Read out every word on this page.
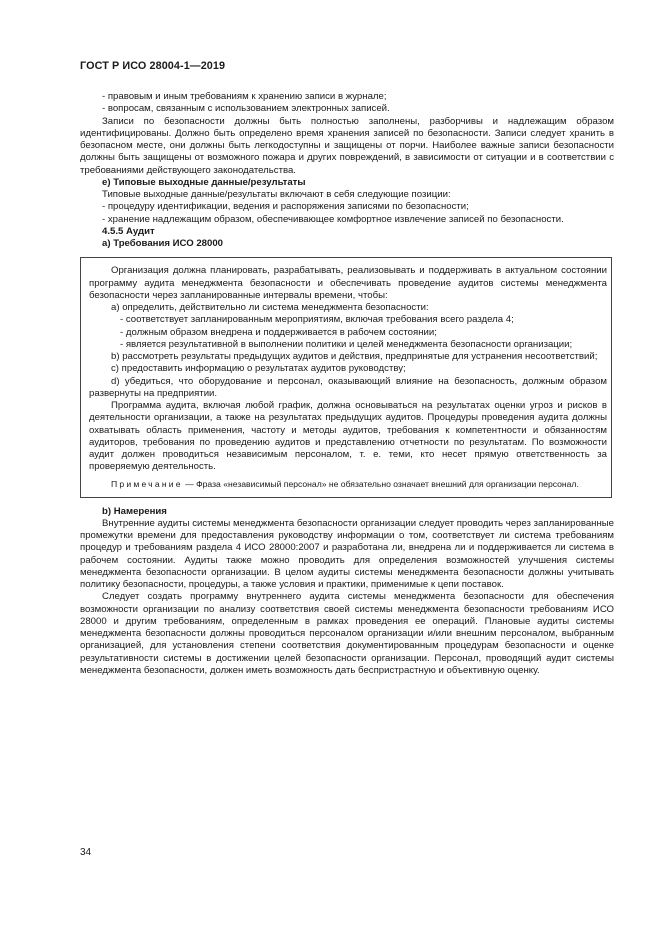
ГОСТ Р ИСО 28004-1—2019

- правовым и иным требованиям к хранению записи в журнале;

- вопросам, связанным с использованием электронных записей.

Записи по безопасности должны быть полностью заполнены, разборчивы и надлежащим образом идентифицированы. Должно быть определено время хранения записей по безопасности. Записи следует хранить в безопасном месте, они должны быть легкодоступны и защищены от порчи. Наиболее важные записи безопасности должны быть защищены от возможного пожара и других повреждений, в зависимости от ситуации и в соответствии с требованиями действующего законодательства.

e) Типовые выходные данные/результаты

Типовые выходные данные/результаты включают в себя следующие позиции:

- процедуру идентификации, ведения и распоряжения записями по безопасности;

- хранение надлежащим образом, обеспечивающее комфортное извлечение записей по безопасности.

4.5.5 Аудит

a) Требования ИСО 28000

Организация должна планировать, разрабатывать, реализовывать и поддерживать в актуальном состоянии программу аудита менеджмента безопасности и обеспечивать проведение аудитов системы менеджмента безопасности через запланированные интервалы времени, чтобы:

a) определить, действительно ли система менеджмента безопасности:

- соответствует запланированным мероприятиям, включая требования всего раздела 4;

- должным образом внедрена и поддерживается в рабочем состоянии;

- является результативной в выполнении политики и целей менеджмента безопасности организации;

b) рассмотреть результаты предыдущих аудитов и действия, предпринятые для устранения несоответствий;

c) предоставить информацию о результатах аудитов руководству;

d) убедиться, что оборудование и персонал, оказывающий влияние на безопасность, должным образом развернуты на предприятии.

Программа аудита, включая любой график, должна основываться на результатах оценки угроз и рисков в деятельности организации, а также на результатах предыдущих аудитов. Процедуры проведения аудита должны охватывать область применения, частоту и методы аудитов, требования к компетентности и обязанностям аудиторов, требования по проведению аудитов и представлению отчетности по результатам. По возможности аудит должен проводиться независимым персоналом, т. е. теми, кто несет прямую ответственность за проверяемую деятельность.

Примечание — Фраза «независимый персонал» не обязательно означает внешний для организации персонал.

b) Намерения

Внутренние аудиты системы менеджмента безопасности организации следует проводить через запланированные промежутки времени для предоставления руководству информации о том, соответствует ли система требованиям процедур и требованиям раздела 4 ИСО 28000:2007 и разработана ли, внедрена ли и поддерживается ли система в рабочем состоянии. Аудиты также можно проводить для определения возможностей улучшения системы менеджмента безопасности организации. В целом аудиты системы менеджмента безопасности должны учитывать политику безопасности, процедуры, а также условия и практики, применимые к цепи поставок.

Следует создать программу внутреннего аудита системы менеджмента безопасности для обеспечения возможности организации по анализу соответствия своей системы менеджмента безопасности требованиям ИСО 28000 и другим требованиям, определенным в рамках проведения ее операций. Плановые аудиты системы менеджмента безопасности должны проводиться персоналом организации и/или внешним персоналом, выбранным организацией, для установления степени соответствия документированным процедурам безопасности и оценке результативности системы в достижении целей безопасности организации. Персонал, проводящий аудит системы менеджмента безопасности, должен иметь возможность дать беспристрастную и объективную оценку.

34
